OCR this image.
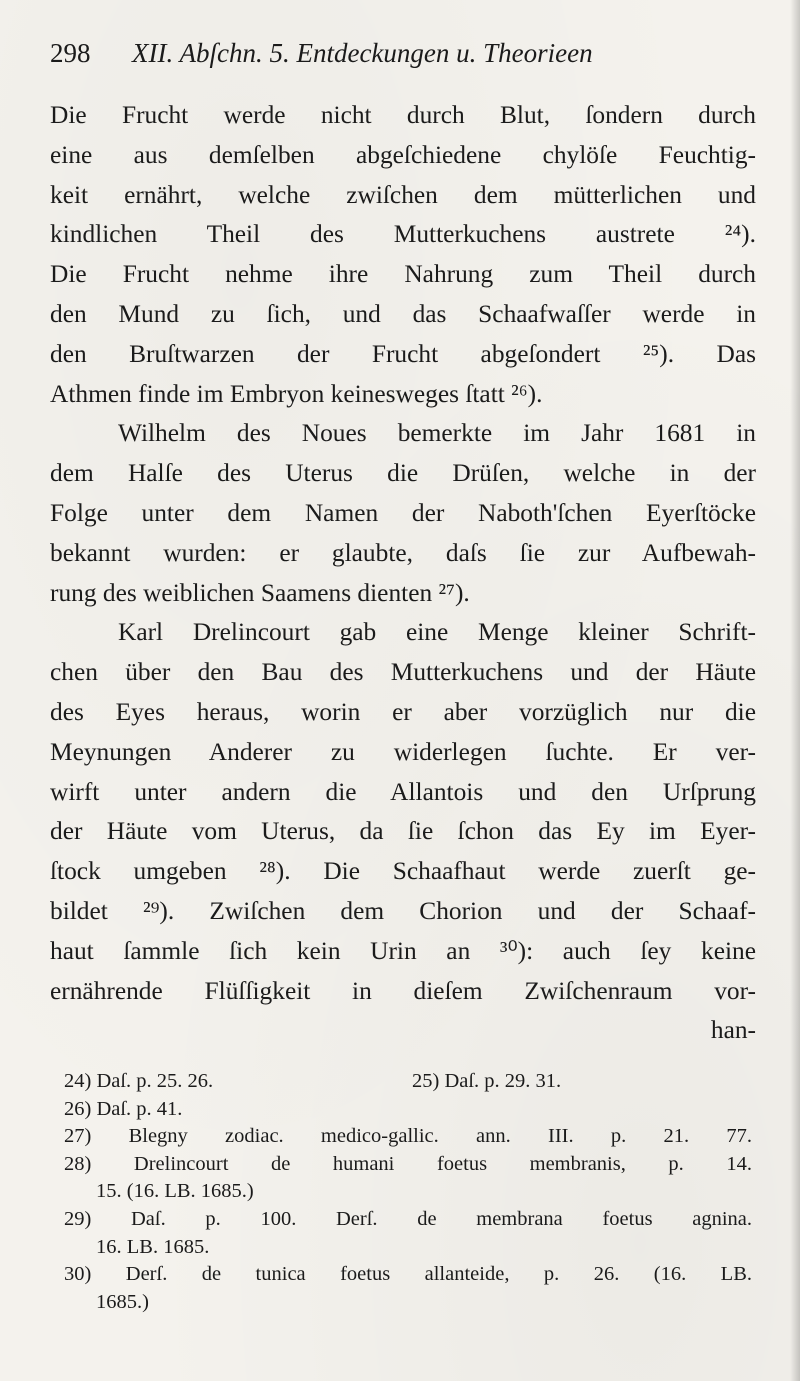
298 XII. Abſchn. 5. Entdeckungen u. Theorieen
Die Frucht werde nicht durch Blut, ſondern durch
eine aus demſelben abgeſchiedene chylöſe Feuchtig-
keit ernährt, welche zwiſchen dem mütterlichen und
kindlichen Theil des Mutterkuchens austrete ²⁴).
Die Frucht nehme ihre Nahrung zum Theil durch
den Mund zu ſich, und das Schaafwaſſer werde in
den Bruſtwarzen der Frucht abgeſondert ²⁵). Das
Athmen finde im Embryon keinesweges ſtatt ²⁶).
Wilhelm des Noues bemerkte im Jahr 1681 in
dem Halſe des Uterus die Drüſen, welche in der
Folge unter dem Namen der Naboth'ſchen Eyerſtöcke
bekannt wurden: er glaubte, daſs ſie zur Aufbewah-
rung des weiblichen Saamens dienten ²⁷).
Karl Drelincourt gab eine Menge kleiner Schrift-
chen über den Bau des Mutterkuchens und der Häute
des Eyes heraus, worin er aber vorzüglich nur die
Meynungen Anderer zu widerlegen ſuchte. Er ver-
wirft unter andern die Allantois und den Urſprung
der Häute vom Uterus, da ſie ſchon das Ey im Eyer-
ſtock umgeben ²⁸). Die Schaafhaut werde zuerſt ge-
bildet ²⁹). Zwiſchen dem Chorion und der Schaaf-
haut ſammle ſich kein Urin an ³⁰): auch ſey keine
ernährende Flüſſigkeit in dieſem Zwiſchenraum vor-
han-
24) Daſ. p. 25. 26.	25) Daſ. p. 29. 31.
26) Daſ. p. 41.
27) Blegny zodiac. medico-gallic. ann. III. p. 21. 77.
28) Drelincourt de humani foetus membranis, p. 14.
15. (16. LB. 1685.)
29) Daſ. p. 100. Derſ. de membrana foetus agnina.
16. LB. 1685.
30) Derſ. de tunica foetus allanteide, p. 26. (16. LB.
1685.)
